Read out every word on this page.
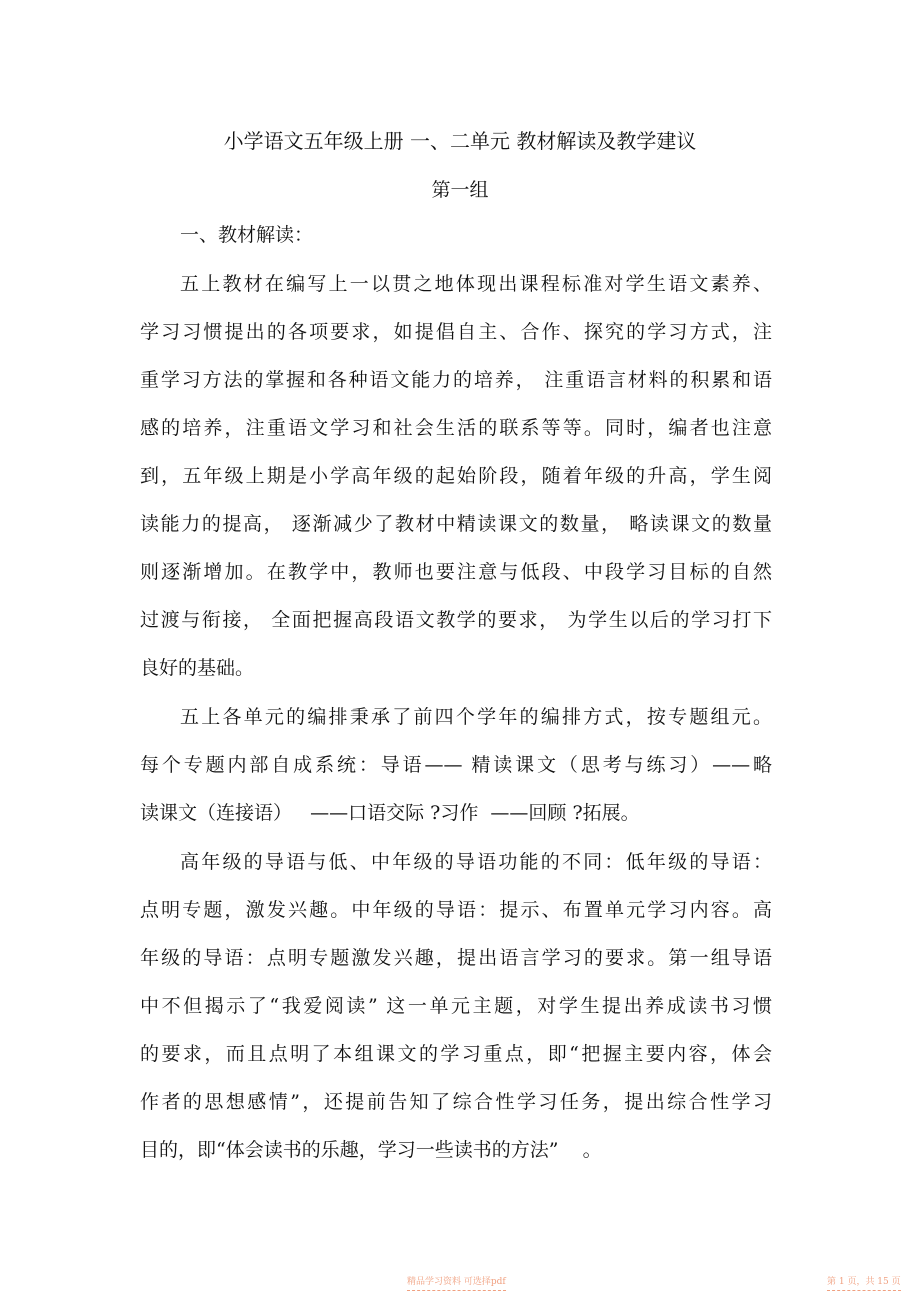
小学语文五年级上册 一、二单元 教材解读及教学建议
第一组
一、教材解读：
五上教材在编写上一以贯之地体现出课程标准对学生语文素养、
学习习惯提出的各项要求，如提倡自主、合作、探究的学习方式，注
重学习方法的掌握和各种语文能力的培养， 注重语言材料的积累和语
感的培养，注重语文学习和社会生活的联系等等。同时，编者也注意
到，五年级上期是小学高年级的起始阶段，随着年级的升高，学生阅
读能力的提高， 逐渐减少了教材中精读课文的数量， 略读课文的数量
则逐渐增加。在教学中，教师也要注意与低段、中段学习目标的自然
过渡与衔接， 全面把握高段语文教学的要求， 为学生以后的学习打下
良好的基础。
五上各单元的编排秉承了前四个学年的编排方式，按专题组元。
每个专题内部自成系统：导语—— 精读课文（思考与练习）——略
读课文（连接语）   ——口语交际 ?习作  ——回顾 ?拓展。
高年级的导语与低、中年级的导语功能的不同：低年级的导语：
点明专题，激发兴趣。中年级的导语：提示、布置单元学习内容。高
年级的导语：点明专题激发兴趣，提出语言学习的要求。第一组导语
中不但揭示了“我爱阅读” 这一单元主题，对学生提出养成读书习惯
的要求，而且点明了本组课文的学习重点，即“把握主要内容，体会
作者的思想感情”，还提前告知了综合性学习任务，提出综合性学习
目的，即“体会读书的乐趣，学习一些读书的方法”    。
精品学习资料 可选择pdf	第 1 页，共 15 页
